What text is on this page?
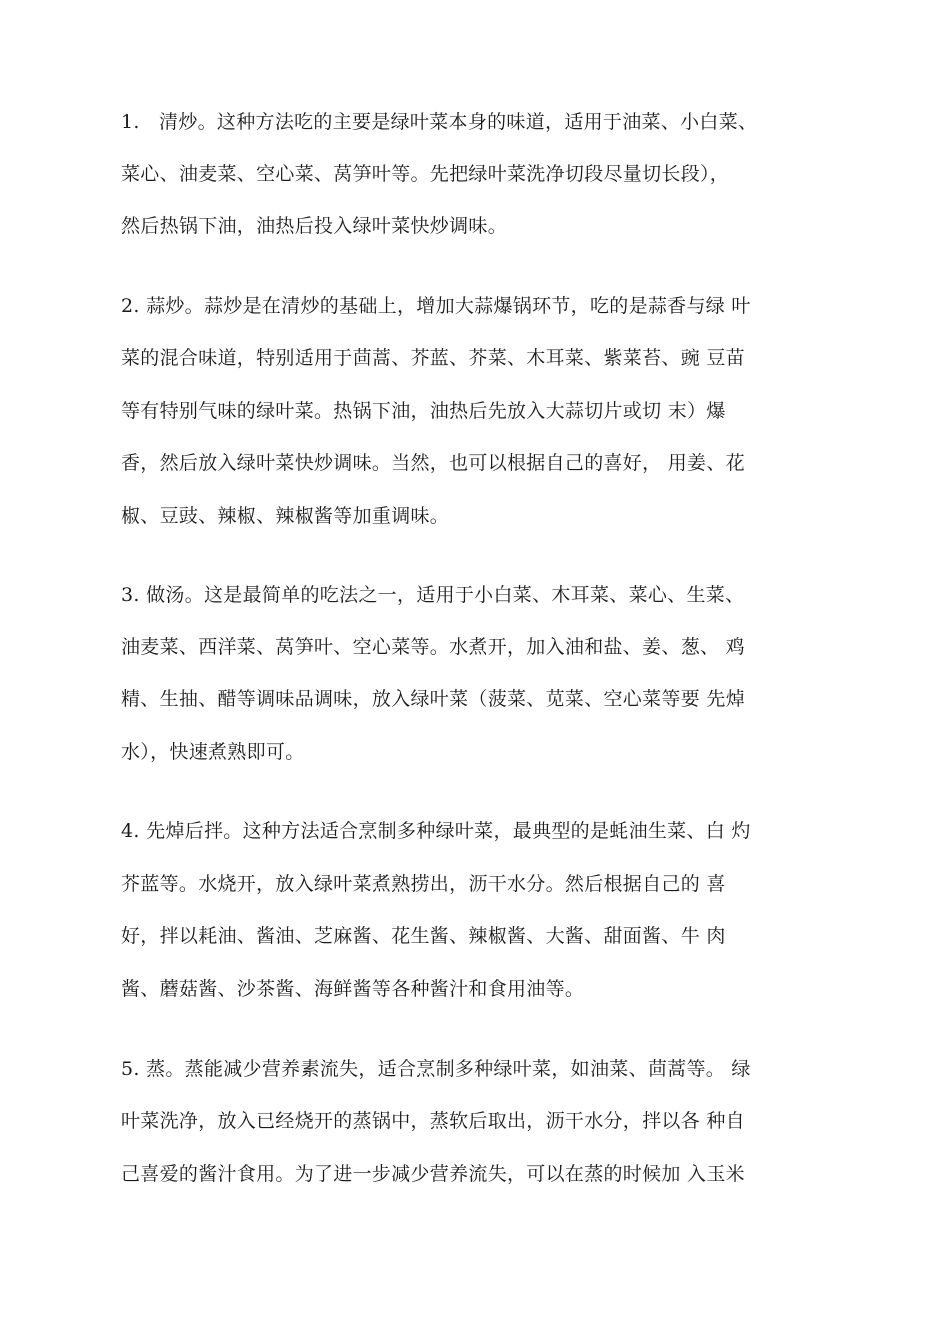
1.　清炒。这种方法吃的主要是绿叶菜本身的味道，适用于油菜、小白菜、
菜心、油麦菜、空心菜、莴笋叶等。先把绿叶菜洗净切段尽量切长段），
然后热锅下油，油热后投入绿叶菜快炒调味。
2. 蒜炒。蒜炒是在清炒的基础上，增加大蒜爆锅环节，吃的是蒜香与绿 叶
菜的混合味道，特别适用于茴蒿、芥蓝、芥菜、木耳菜、紫菜苔、豌 豆苗
等有特别气味的绿叶菜。热锅下油，油热后先放入大蒜切片或切 末）爆
香，然后放入绿叶菜快炒调味。当然，也可以根据自己的喜好， 用姜、花
椒、豆豉、辣椒、辣椒酱等加重调味。
3. 做汤。这是最简单的吃法之一，适用于小白菜、木耳菜、菜心、生菜、
油麦菜、西洋菜、莴笋叶、空心菜等。水煮开，加入油和盐、姜、葱、 鸡
精、生抽、醋等调味品调味，放入绿叶菜（菠菜、苋菜、空心菜等要 先焯
水），快速煮熟即可。
4. 先焯后拌。这种方法适合烹制多种绿叶菜，最典型的是蚝油生菜、白 灼
芥蓝等。水烧开，放入绿叶菜煮熟捞出，沥干水分。然后根据自己的 喜
好，拌以耗油、酱油、芝麻酱、花生酱、辣椒酱、大酱、甜面酱、牛 肉
酱、蘑菇酱、沙茶酱、海鲜酱等各种酱汁和食用油等。
5. 蒸。蒸能减少营养素流失，适合烹制多种绿叶菜，如油菜、茴蒿等。 绿
叶菜洗净，放入已经烧开的蒸锅中，蒸软后取出，沥干水分，拌以各 种自
己喜爱的酱汁食用。为了进一步减少营养流失，可以在蒸的时候加 入玉米
